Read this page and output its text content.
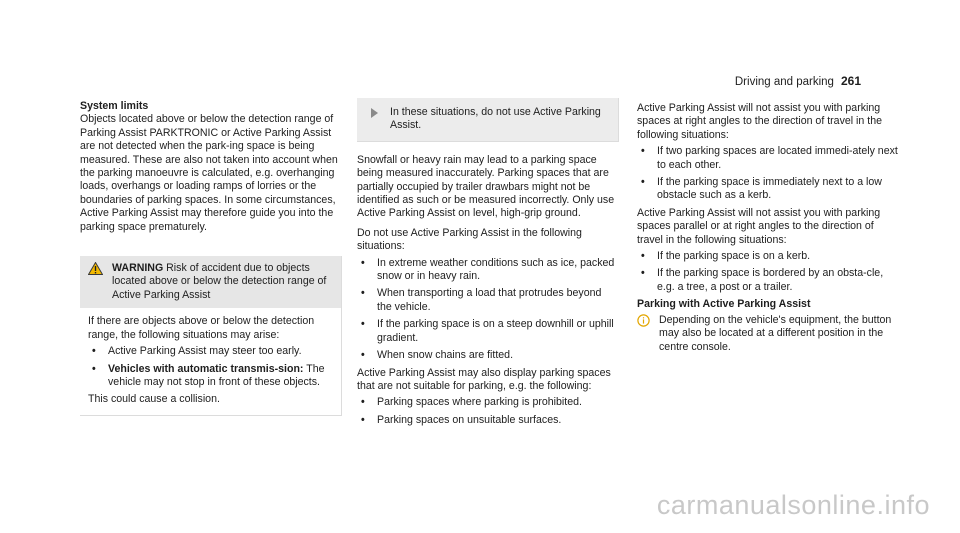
Driving and parking 261

System limits

Objects located above or below the detection range of Parking Assist PARKTRONIC or Active Parking Assist are not detected when the park-ing space is being measured. These are also not taken into account when the parking manoeuvre is calculated, e.g. overhanging loads, overhangs or loading ramps of lorries or the boundaries of parking spaces. In some circumstances, Active Parking Assist may therefore guide you into the parking space prematurely.

WARNING Risk of accident due to objects located above or below the detection range of Active Parking Assist

If there are objects above or below the detection range, the following situations may arise:

• Active Parking Assist may steer too early.
• Vehicles with automatic transmis-sion: The vehicle may not stop in front of these objects.

This could cause a collision.

In these situations, do not use Active Parking Assist.

Snowfall or heavy rain may lead to a parking space being measured inaccurately. Parking spaces that are partially occupied by trailer drawbars might not be identified as such or be measured incorrectly. Only use Active Parking Assist on level, high-grip ground.

Do not use Active Parking Assist in the following situations:

• In extreme weather conditions such as ice, packed snow or in heavy rain.
• When transporting a load that protrudes beyond the vehicle.
• If the parking space is on a steep downhill or uphill gradient.
• When snow chains are fitted.

Active Parking Assist may also display parking spaces that are not suitable for parking, e.g. the following:

• Parking spaces where parking is prohibited.
• Parking spaces on unsuitable surfaces.

Active Parking Assist will not assist you with parking spaces at right angles to the direction of travel in the following situations:

• If two parking spaces are located immedi-ately next to each other.
• If the parking space is immediately next to a low obstacle such as a kerb.

Active Parking Assist will not assist you with parking spaces parallel or at right angles to the direction of travel in the following situations:

• If the parking space is on a kerb.
• If the parking space is bordered by an obsta-cle, e.g. a tree, a post or a trailer.

Parking with Active Parking Assist

Depending on the vehicle's equipment, the button may also be located at a different position in the centre console.

carmanualsonline.info
